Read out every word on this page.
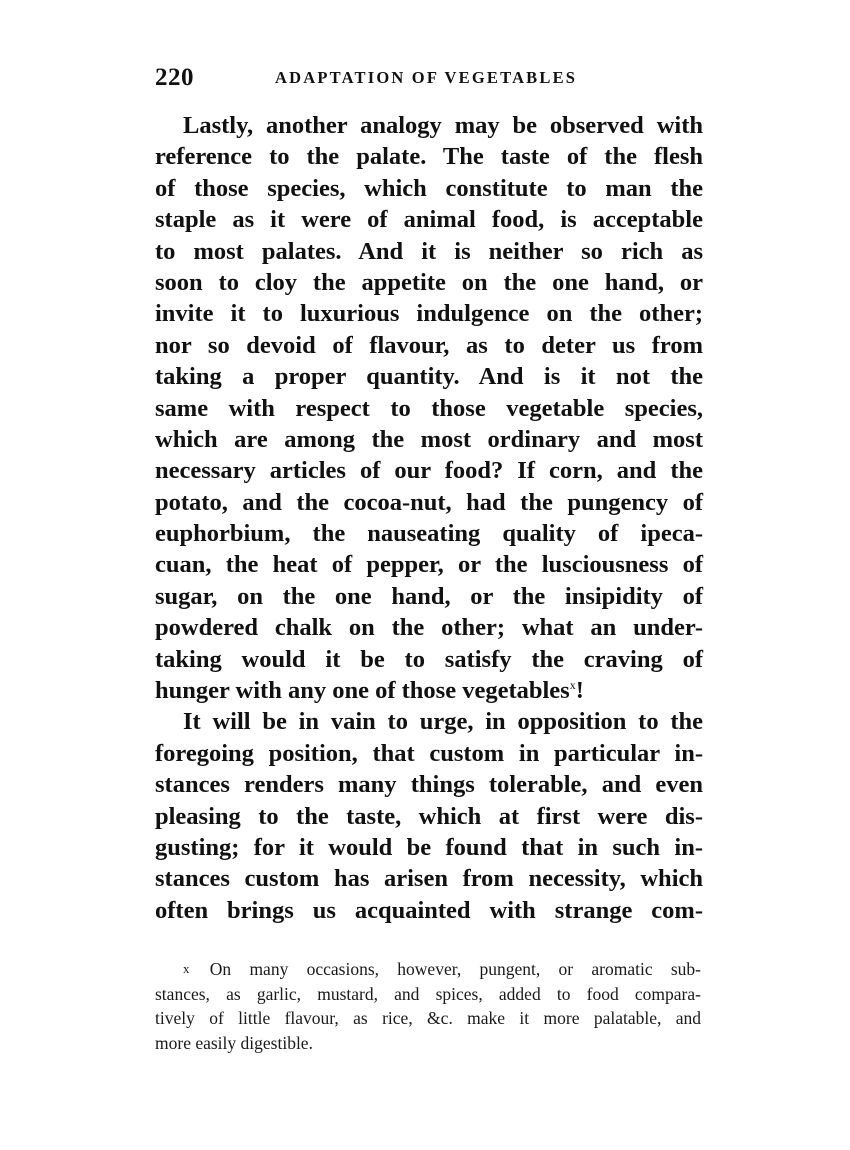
220	ADAPTATION OF VEGETABLES
Lastly, another analogy may be observed with
reference to the palate. The taste of the flesh
of those species, which constitute to man the
staple as it were of animal food, is acceptable
to most palates. And it is neither so rich as
soon to cloy the appetite on the one hand, or
invite it to luxurious indulgence on the other;
nor so devoid of flavour, as to deter us from
taking a proper quantity. And is it not the
same with respect to those vegetable species,
which are among the most ordinary and most
necessary articles of our food? If corn, and the
potato, and the cocoa-nut, had the pungency of
euphorbium, the nauseating quality of ipeca-
cuan, the heat of pepper, or the lusciousness of
sugar, on the one hand, or the insipidity of
powdered chalk on the other; what an under-
taking would it be to satisfy the craving of
hunger with any one of those vegetables$^x$!
It will be in vain to urge, in opposition to the
foregoing position, that custom in particular in-
stances renders many things tolerable, and even
pleasing to the taste, which at first were dis-
gusting; for it would be found that in such in-
stances custom has arisen from necessity, which
often brings us acquainted with strange com-
x On many occasions, however, pungent, or aromatic sub-
stances, as garlic, mustard, and spices, added to food compara-
tively of little flavour, as rice, &c. make it more palatable, and
more easily digestible.
